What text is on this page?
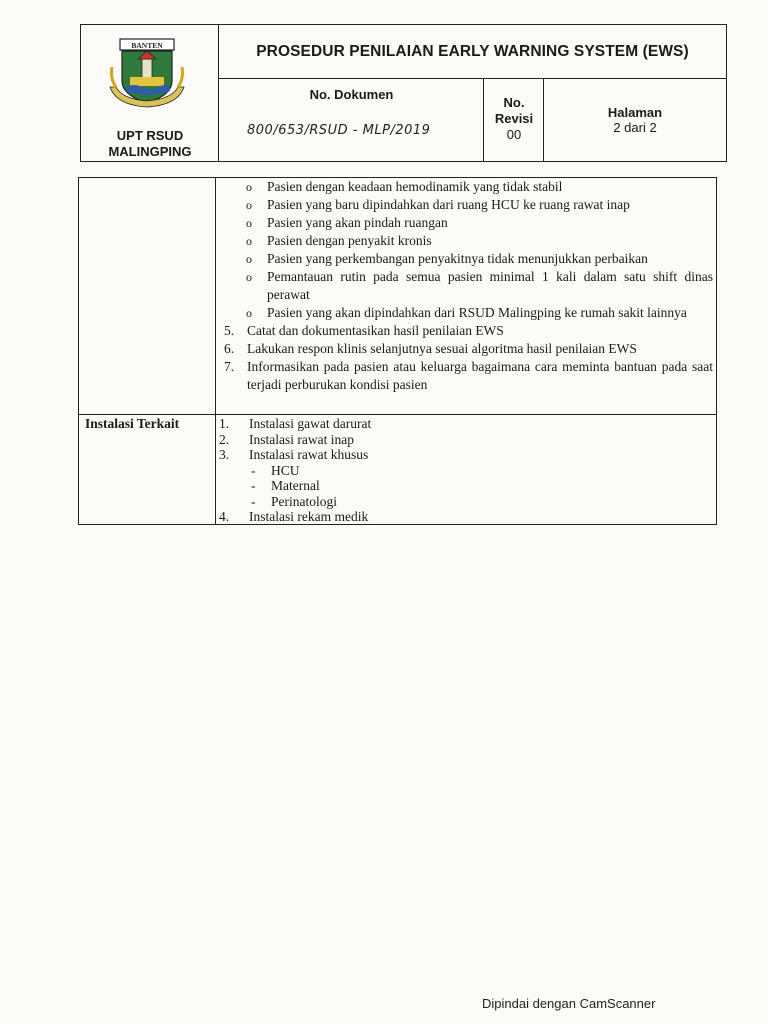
BANTEN
UPT RSUD MALINGPING
PROSEDUR PENILAIAN EARLY WARNING SYSTEM (EWS)
No. Dokumen
800/653/RSUD - MLP/2019
No. Revisi
00
Halaman
2 dari 2
o Pasien dengan keadaan hemodinamik yang tidak stabil
o Pasien yang baru dipindahkan dari ruang HCU ke ruang rawat inap
o Pasien yang akan pindah ruangan
o Pasien dengan penyakit kronis
o Pasien yang perkembangan penyakitnya tidak menunjukkan perbaikan
o Pemantauan rutin pada semua pasien minimal 1 kali dalam satu shift dinas perawat
o Pasien yang akan dipindahkan dari RSUD Malingping ke rumah sakit lainnya
5. Catat dan dokumentasikan hasil penilaian EWS
6. Lakukan respon klinis selanjutnya sesuai algoritma hasil penilaian EWS
7. Informasikan pada pasien atau keluarga bagaimana cara meminta bantuan pada saat terjadi perburukan kondisi pasien
Instalasi Terkait	1. Instalasi gawat darurat
2. Instalasi rawat inap
3. Instalasi rawat khusus
- HCU
- Maternal
- Perinatologi
4. Instalasi rekam medik
Dipindai dengan CamScanner
